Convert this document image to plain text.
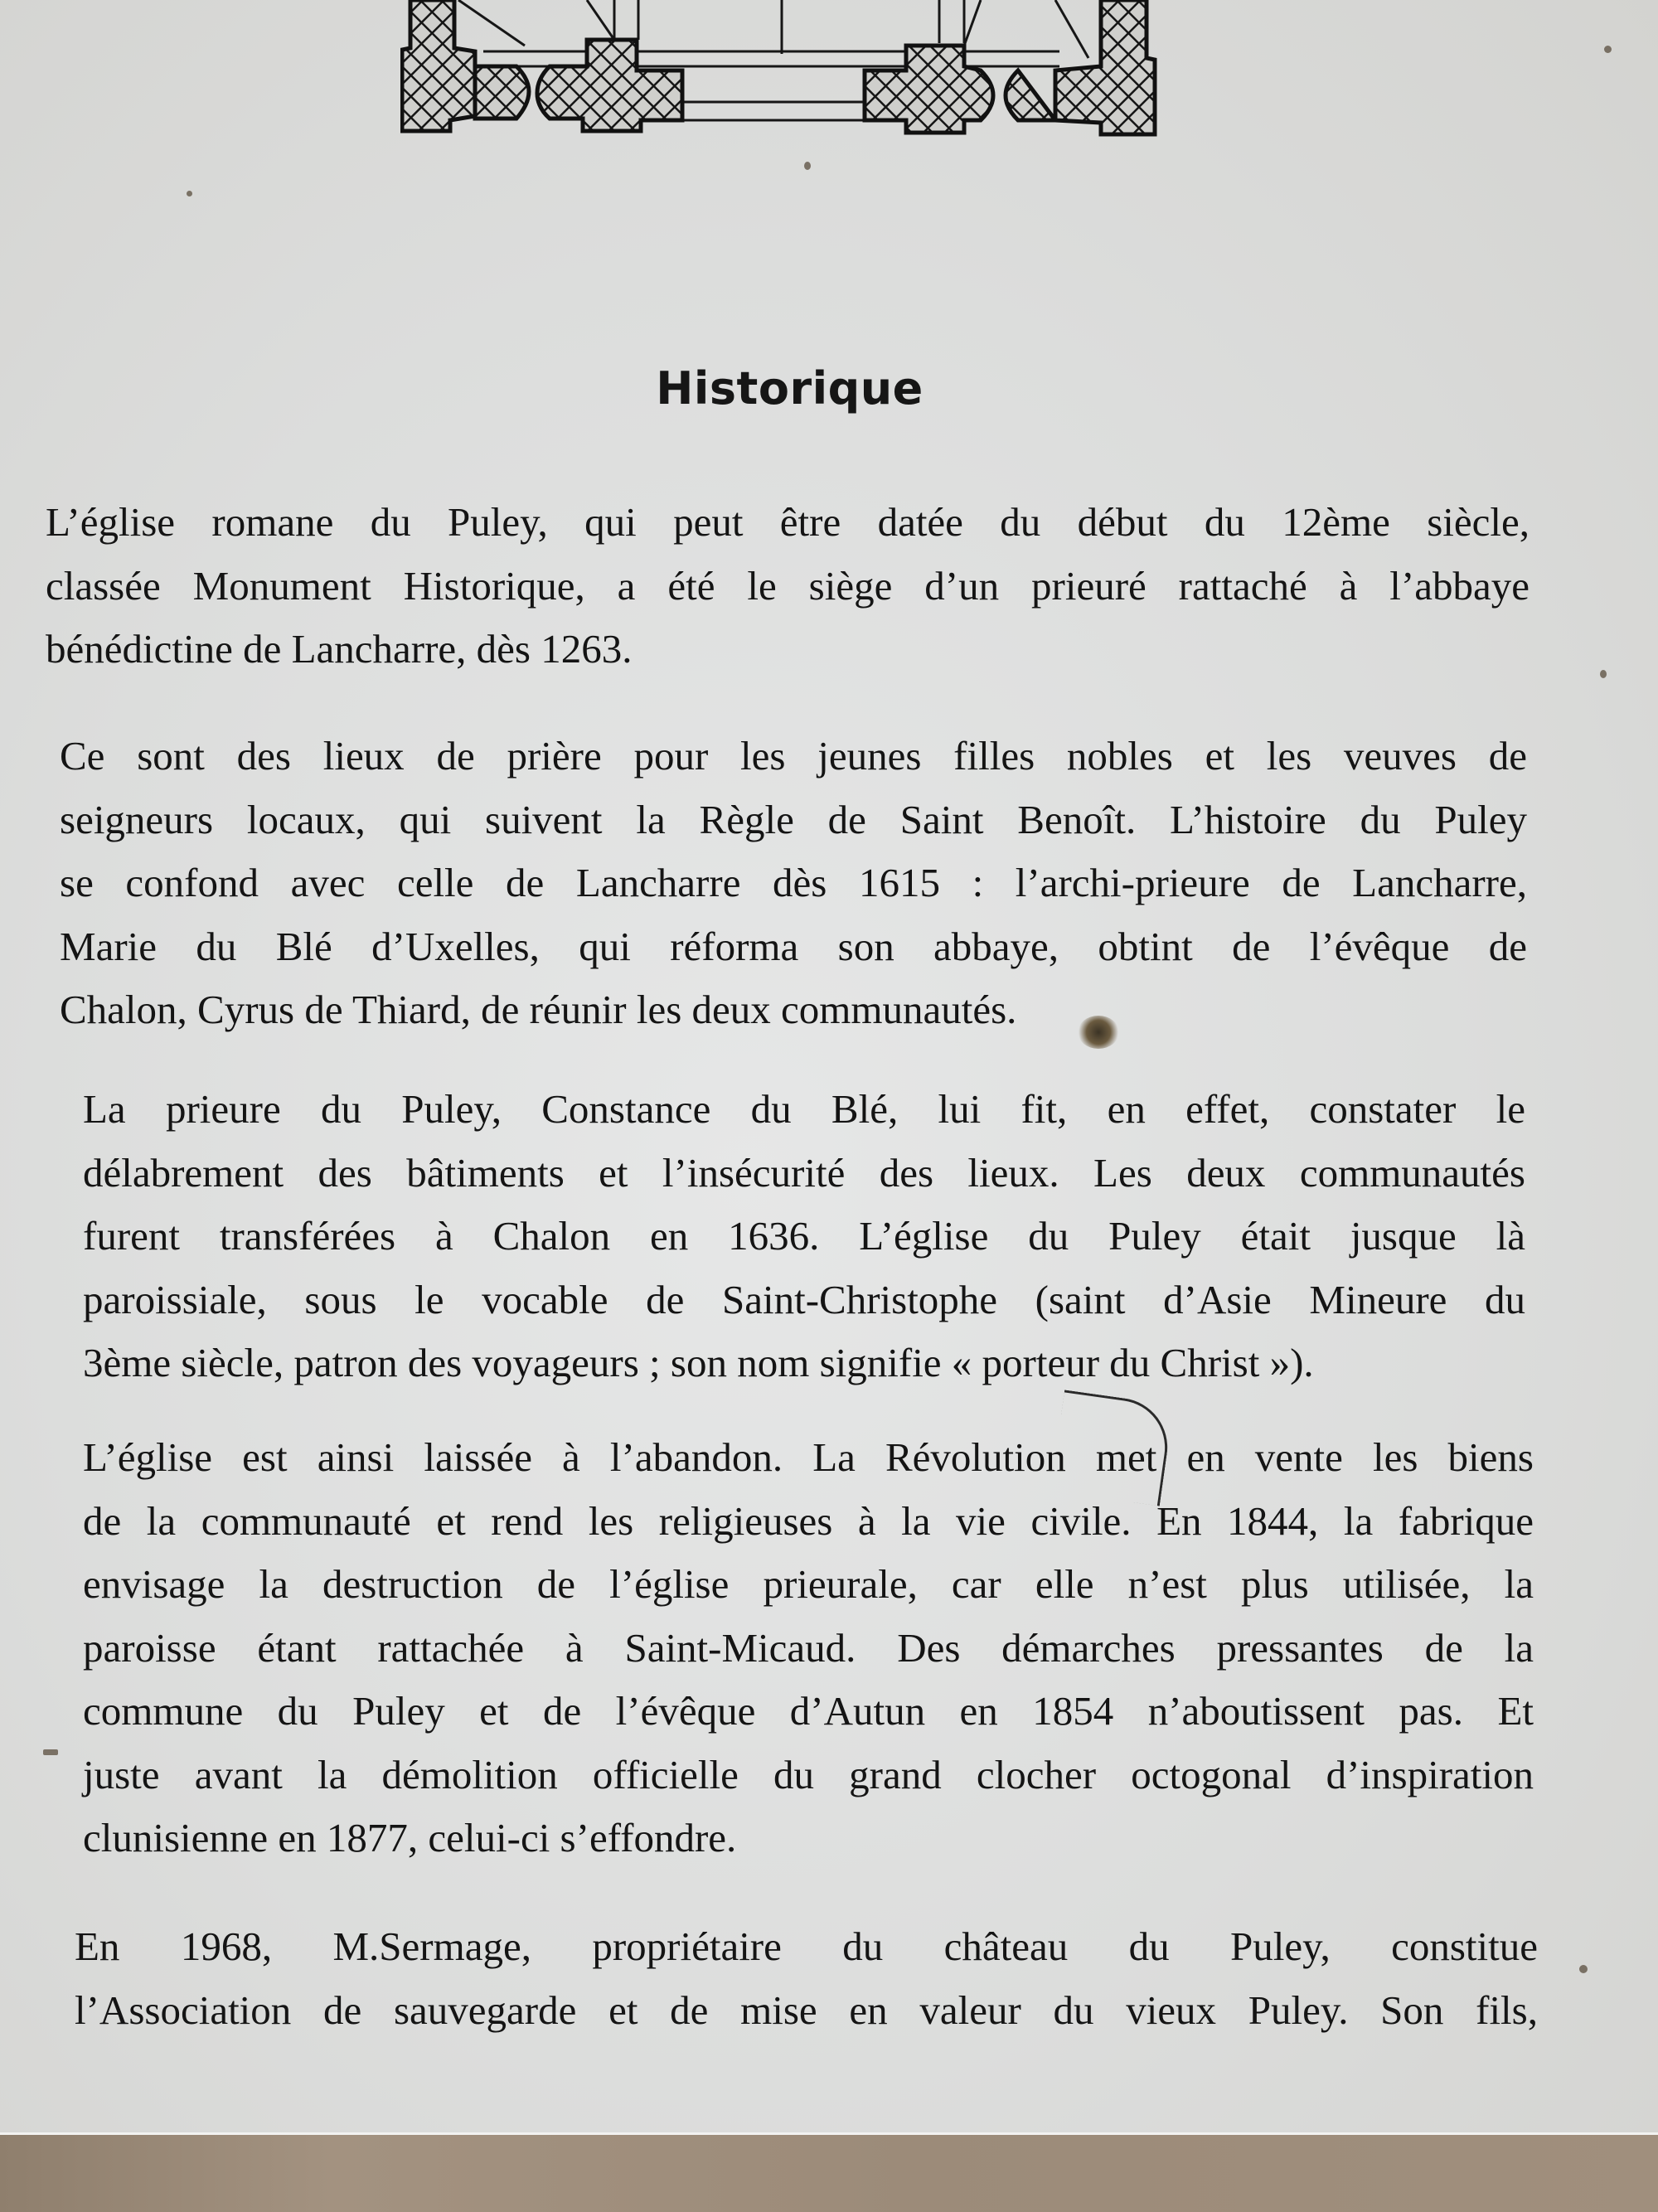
Historique
L’église romane du Puley, qui peut être datée du début du 12ème siècle,
classée Monument Historique, a été le siège d’un prieuré rattaché à l’abbaye
bénédictine de Lancharre, dès 1263.
Ce sont des lieux de prière pour les jeunes filles nobles et les veuves de
seigneurs locaux, qui suivent la Règle de Saint Benoît. L’histoire du Puley
se confond avec celle de Lancharre dès 1615 : l’archi-prieure de Lancharre,
Marie du Blé d’Uxelles, qui réforma son abbaye, obtint de l’évêque de
Chalon, Cyrus de Thiard, de réunir les deux communautés.
La prieure du Puley, Constance du Blé, lui fit, en effet, constater le
délabrement des bâtiments et l’insécurité des lieux. Les deux communautés
furent transférées à Chalon en 1636. L’église du Puley était jusque là
paroissiale, sous le vocable de Saint-Christophe (saint d’Asie Mineure du
3ème siècle, patron des voyageurs ; son nom signifie « porteur du Christ »).
L’église est ainsi laissée à l’abandon. La Révolution met en vente les biens
de la communauté et rend les religieuses à la vie civile. En 1844, la fabrique
envisage la destruction de l’église prieurale, car elle n’est plus utilisée, la
paroisse étant rattachée à Saint-Micaud. Des démarches pressantes de la
commune du Puley et de l’évêque d’Autun en 1854 n’aboutissent pas. Et
juste avant la démolition officielle du grand clocher octogonal d’inspiration
clunisienne en 1877, celui-ci s’effondre.
En 1968, M.Sermage, propriétaire du château du Puley, constitue
l’Association de sauvegarde et de mise en valeur du vieux Puley. Son fils,
